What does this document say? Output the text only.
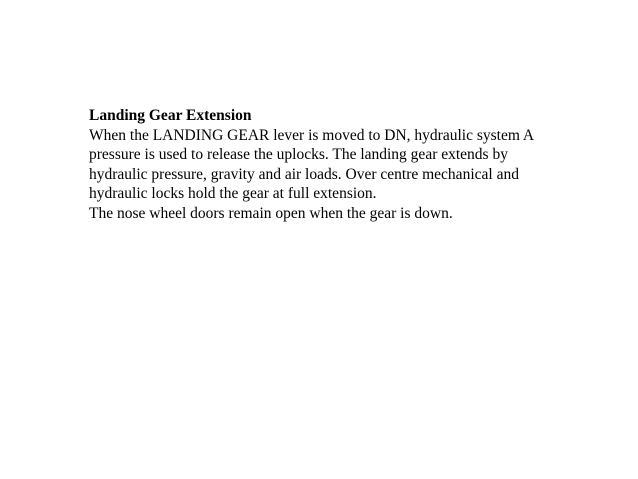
Landing Gear Extension
When the LANDING GEAR lever is moved to DN, hydraulic system A
pressure is used to release the uplocks. The landing gear extends by
hydraulic pressure, gravity and air loads. Over centre mechanical and
hydraulic locks hold the gear at full extension.
The nose wheel doors remain open when the gear is down.
